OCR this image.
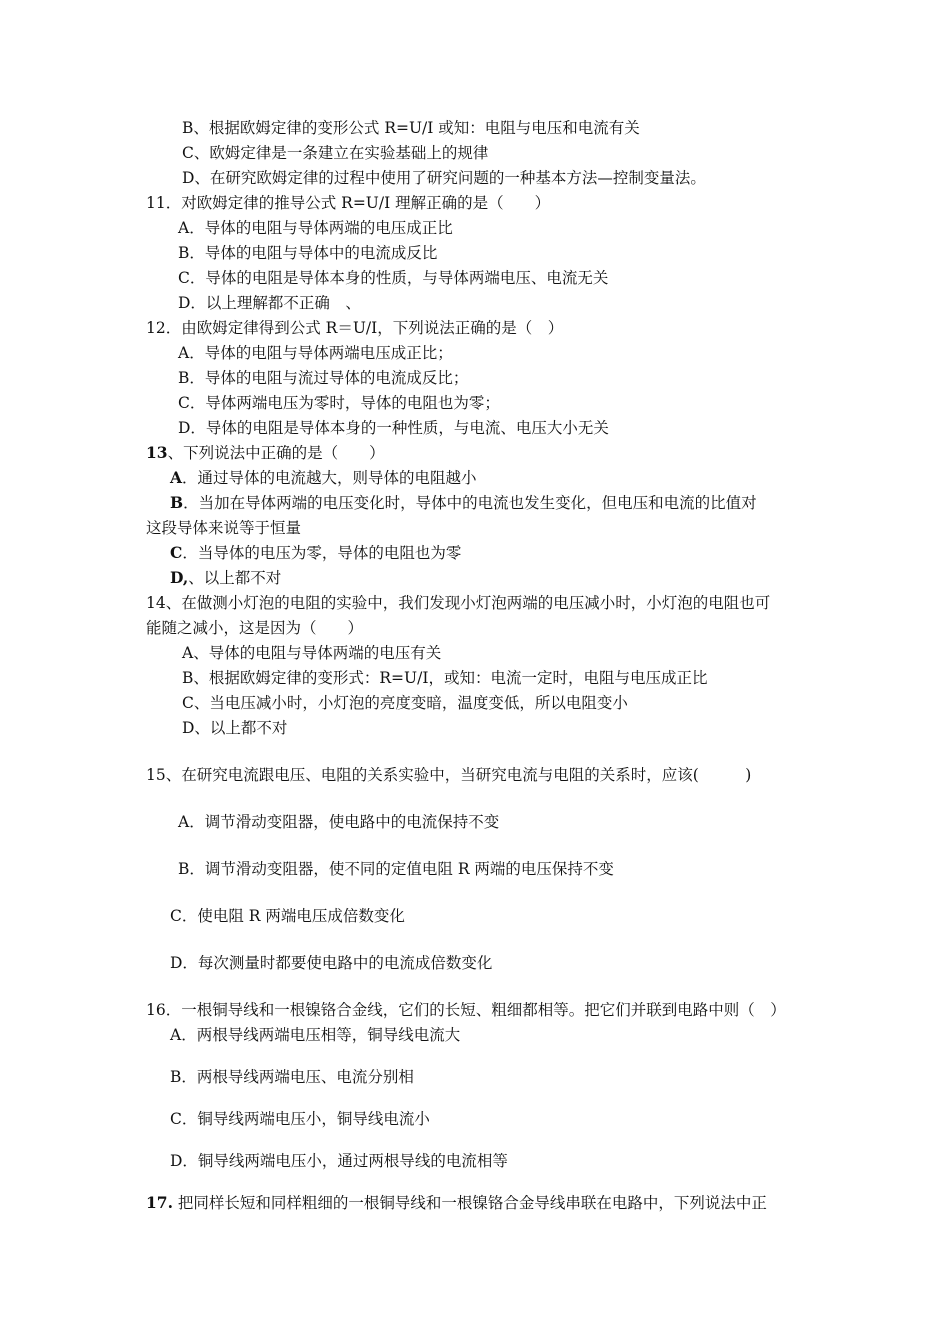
B、根据欧姆定律的变形公式 R=U/I 或知：电阻与电压和电流有关
C、欧姆定律是一条建立在实验基础上的规律
D、在研究欧姆定律的过程中使用了研究问题的一种基本方法—控制变量法。
11．对欧姆定律的推导公式 R=U/I 理解正确的是（　　）
A．导体的电阻与导体两端的电压成正比
B．导体的电阻与导体中的电流成反比
C．导体的电阻是导体本身的性质，与导体两端电压、电流无关
D．以上理解都不正确　、
12．由欧姆定律得到公式 R＝U/I，下列说法正确的是（　）
A．导体的电阻与导体两端电压成正比；
B．导体的电阻与流过导体的电流成反比；
C．导体两端电压为零时，导体的电阻也为零；
D．导体的电阻是导体本身的一种性质，与电流、电压大小无关
13、下列说法中正确的是（　　）
A．通过导体的电流越大，则导体的电阻越小
B．当加在导体两端的电压变化时，导体中的电流也发生变化，但电压和电流的比值对
这段导体来说等于恒量
C．当导体的电压为零，导体的电阻也为零
D,、以上都不对
14、在做测小灯泡的电阻的实验中，我们发现小灯泡两端的电压减小时，小灯泡的电阻也可
能随之减小，这是因为（　　）
A、导体的电阻与导体两端的电压有关
B、根据欧姆定律的变形式：R=U/I，或知：电流一定时，电阻与电压成正比
C、当电压减小时，小灯泡的亮度变暗，温度变低，所以电阻变小
D、以上都不对
15、在研究电流跟电压、电阻的关系实验中，当研究电流与电阻的关系时，应该(　　　)
A．调节滑动变阻器，使电路中的电流保持不变
B．调节滑动变阻器，使不同的定值电阻 R 两端的电压保持不变
C．使电阻 R 两端电压成倍数变化
D．每次测量时都要使电路中的电流成倍数变化
16．一根铜导线和一根镍铬合金线，它们的长短、粗细都相等。把它们并联到电路中则（　）
A．两根导线两端电压相等，铜导线电流大
B．两根导线两端电压、电流分别相
C．铜导线两端电压小，铜导线电流小
D．铜导线两端电压小，通过两根导线的电流相等
17. 把同样长短和同样粗细的一根铜导线和一根镍铬合金导线串联在电路中，下列说法中正
